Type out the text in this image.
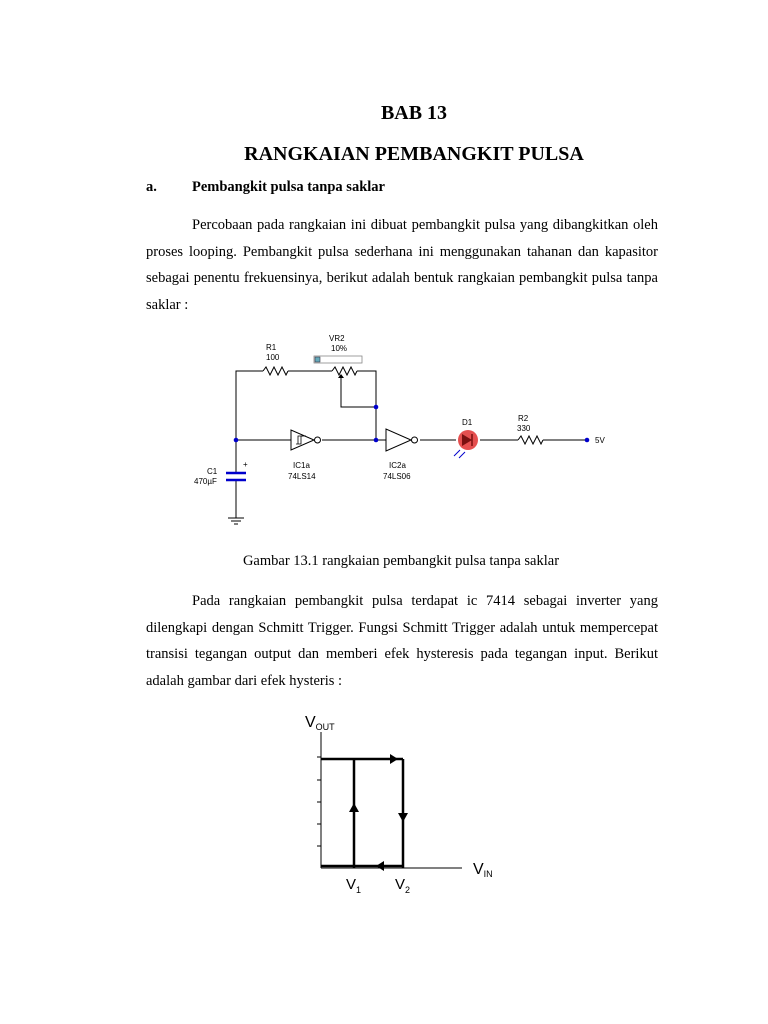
BAB 13
RANGKAIAN PEMBANGKIT PULSA
a. Pembangkit pulsa tanpa saklar
Percobaan pada rangkaian ini dibuat pembangkit pulsa yang dibangkitkan oleh proses looping. Pembangkit pulsa sederhana ini menggunakan tahanan dan kapasitor sebagai penentu frekuensinya, berikut adalah bentuk rangkaian pembangkit pulsa tanpa saklar :
R1
100
VR2
10%
C1
470µF
+	IC1a
74LS14
IC2a
74LS06
D1	R2
330
5V
Gambar 13.1 rangkaian pembangkit pulsa tanpa saklar
Pada rangkaian pembangkit pulsa terdapat ic 7414 sebagai inverter yang dilengkapi dengan Schmitt Trigger. Fungsi Schmitt Trigger adalah untuk mempercepat transisi tegangan output dan memberi efek hysteresis pada tegangan input. Berikut adalah gambar dari efek hysteris :
VOUT
VIN
$V_1$ $V_2$
